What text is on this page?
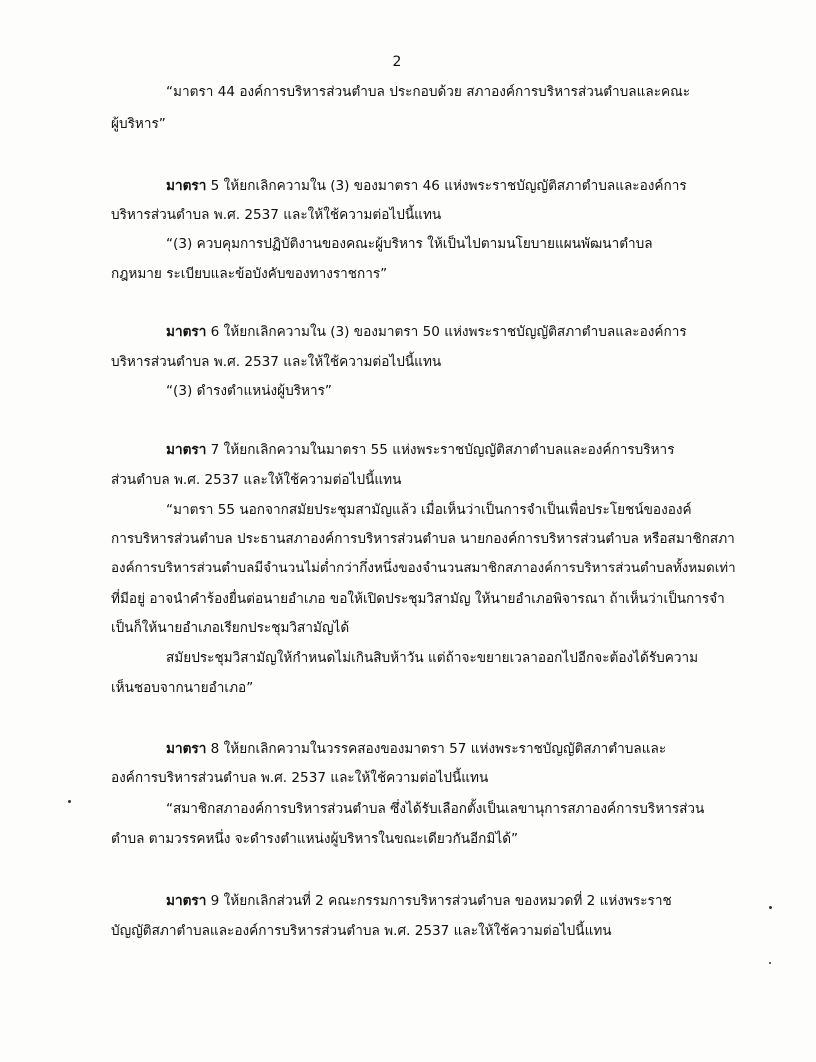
2
“มาตรา 44 องค์การบริหารส่วนตำบล ประกอบด้วย สภาองค์การบริหารส่วนตำบลและคณะ
ผู้บริหาร”
มาตรา 5 ให้ยกเลิกความใน (3) ของมาตรา 46 แห่งพระราชบัญญัติสภาตำบลและองค์การ
บริหารส่วนตำบล พ.ศ. 2537 และให้ใช้ความต่อไปนี้แทน
“(3) ควบคุมการปฏิบัติงานของคณะผู้บริหาร ให้เป็นไปตามนโยบายแผนพัฒนาตำบล
กฎหมาย ระเบียบและข้อบังคับของทางราชการ”
มาตรา 6 ให้ยกเลิกความใน (3) ของมาตรา 50 แห่งพระราชบัญญัติสภาตำบลและองค์การ
บริหารส่วนตำบล พ.ศ. 2537 และให้ใช้ความต่อไปนี้แทน
“(3) ดำรงตำแหน่งผู้บริหาร”
มาตรา 7 ให้ยกเลิกความในมาตรา 55 แห่งพระราชบัญญัติสภาตำบลและองค์การบริหาร
ส่วนตำบล พ.ศ. 2537 และให้ใช้ความต่อไปนี้แทน
“มาตรา 55 นอกจากสมัยประชุมสามัญแล้ว เมื่อเห็นว่าเป็นการจำเป็นเพื่อประโยชน์ขององค์
การบริหารส่วนตำบล ประธานสภาองค์การบริหารส่วนตำบล นายกองค์การบริหารส่วนตำบล หรือสมาชิกสภา
องค์การบริหารส่วนตำบลมีจำนวนไม่ต่ำกว่ากึ่งหนึ่งของจำนวนสมาชิกสภาองค์การบริหารส่วนตำบลทั้งหมดเท่า
ที่มีอยู่ อาจนำคำร้องยื่นต่อนายอำเภอ ขอให้เปิดประชุมวิสามัญ ให้นายอำเภอพิจารณา ถ้าเห็นว่าเป็นการจำ
เป็นก็ให้นายอำเภอเรียกประชุมวิสามัญได้
สมัยประชุมวิสามัญให้กำหนดไม่เกินสิบห้าวัน แต่ถ้าจะขยายเวลาออกไปอีกจะต้องได้รับความ
เห็นชอบจากนายอำเภอ”
มาตรา 8 ให้ยกเลิกความในวรรคสองของมาตรา 57 แห่งพระราชบัญญัติสภาตำบลและ
องค์การบริหารส่วนตำบล พ.ศ. 2537 และให้ใช้ความต่อไปนี้แทน
“สมาชิกสภาองค์การบริหารส่วนตำบล ซึ่งได้รับเลือกตั้งเป็นเลขานุการสภาองค์การบริหารส่วน
ตำบล ตามวรรคหนึ่ง จะดำรงตำแหน่งผู้บริหารในขณะเดียวกันอีกมิได้”
มาตรา 9 ให้ยกเลิกส่วนที่ 2 คณะกรรมการบริหารส่วนตำบล ของหมวดที่ 2 แห่งพระราช
บัญญัติสภาตำบลและองค์การบริหารส่วนตำบล พ.ศ. 2537 และให้ใช้ความต่อไปนี้แทน
